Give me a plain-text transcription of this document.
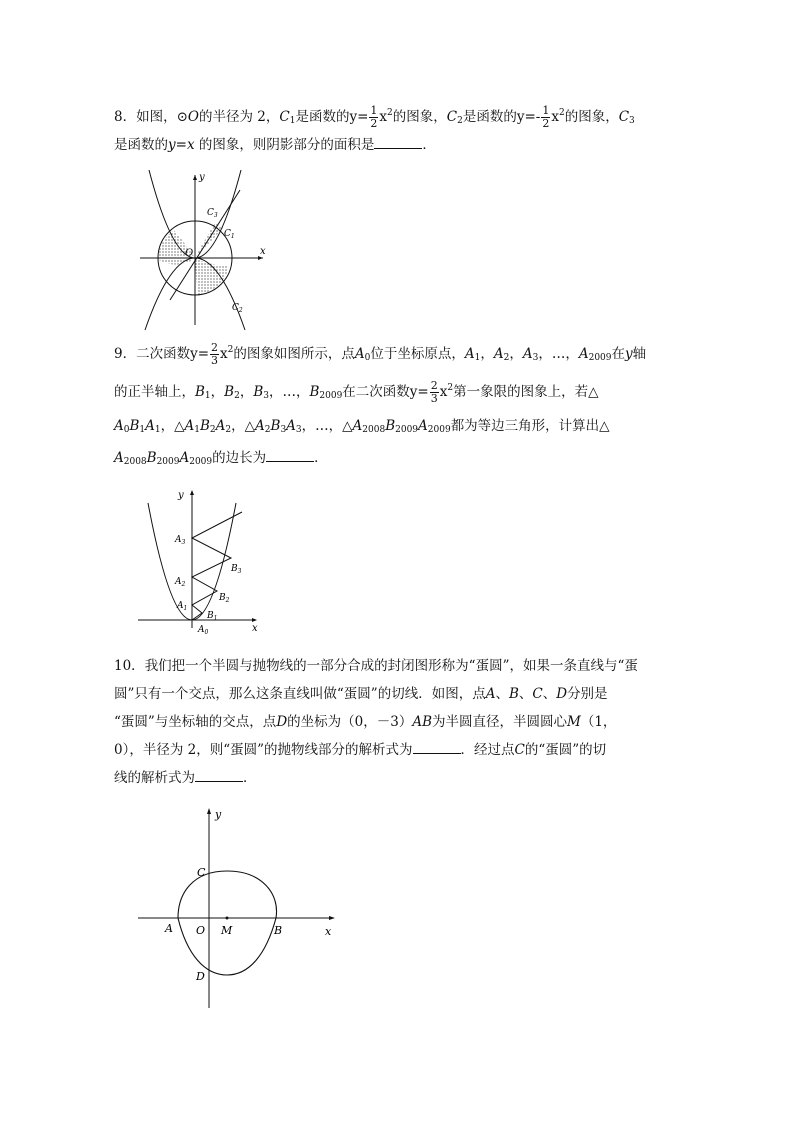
8．如图，⊙O的半径为 2，$C_1$是函数的$y= \frac{1}{2} x^2$的图象，$C_2$是函数的$y=- \frac{1}{2} x^2$的图象，$C_3$
是函数的y=x 的图象，则阴影部分的面积是	．
y
x
O
$C_3$
$C_1$
$C_2$
9．二次函数$y= \frac{2}{3} x^2$的图象如图所示，点$A_0$位于坐标原点，$A_1$，$A_2$，$A_3$，…，$A_{2009}$在y轴
的正半轴上，$B_1$，$B_2$，$B_3$，…，$B_{2009}$在二次函数$y= \frac{2}{3} x^2$第一象限的图象上，若△
$A_0B_1A_1$，$\triangle A_1B_2A_2$，$\triangle A_2B_3A_3$，…，$\triangle A_{2008}B_{2009}A_{2009}$都为等边三角形，计算出△
$A_{2008}B_{2009}A_{2009}$的边长为	．
y
x
$A_3$
$A_2$
$A_1$
$A_0$
$B_3$
$B_2$
$B_1$
10．我们把一个半圆与抛物线的一部分合成的封闭图形称为“蛋圆”，如果一条直线与“蛋
圆”只有一个交点，那么这条直线叫做“蛋圆”的切线．如图，点A、B、C、D分别是
“蛋圆”与坐标轴的交点，点D的坐标为（0，－3）AB为半圆直径，半圆圆心M（1，
0），半径为 2，则“蛋圆”的抛物线部分的解析式为	．经过点C的“蛋圆”的切
线的解析式为	．
y
x
O
A	B
C
D
M
